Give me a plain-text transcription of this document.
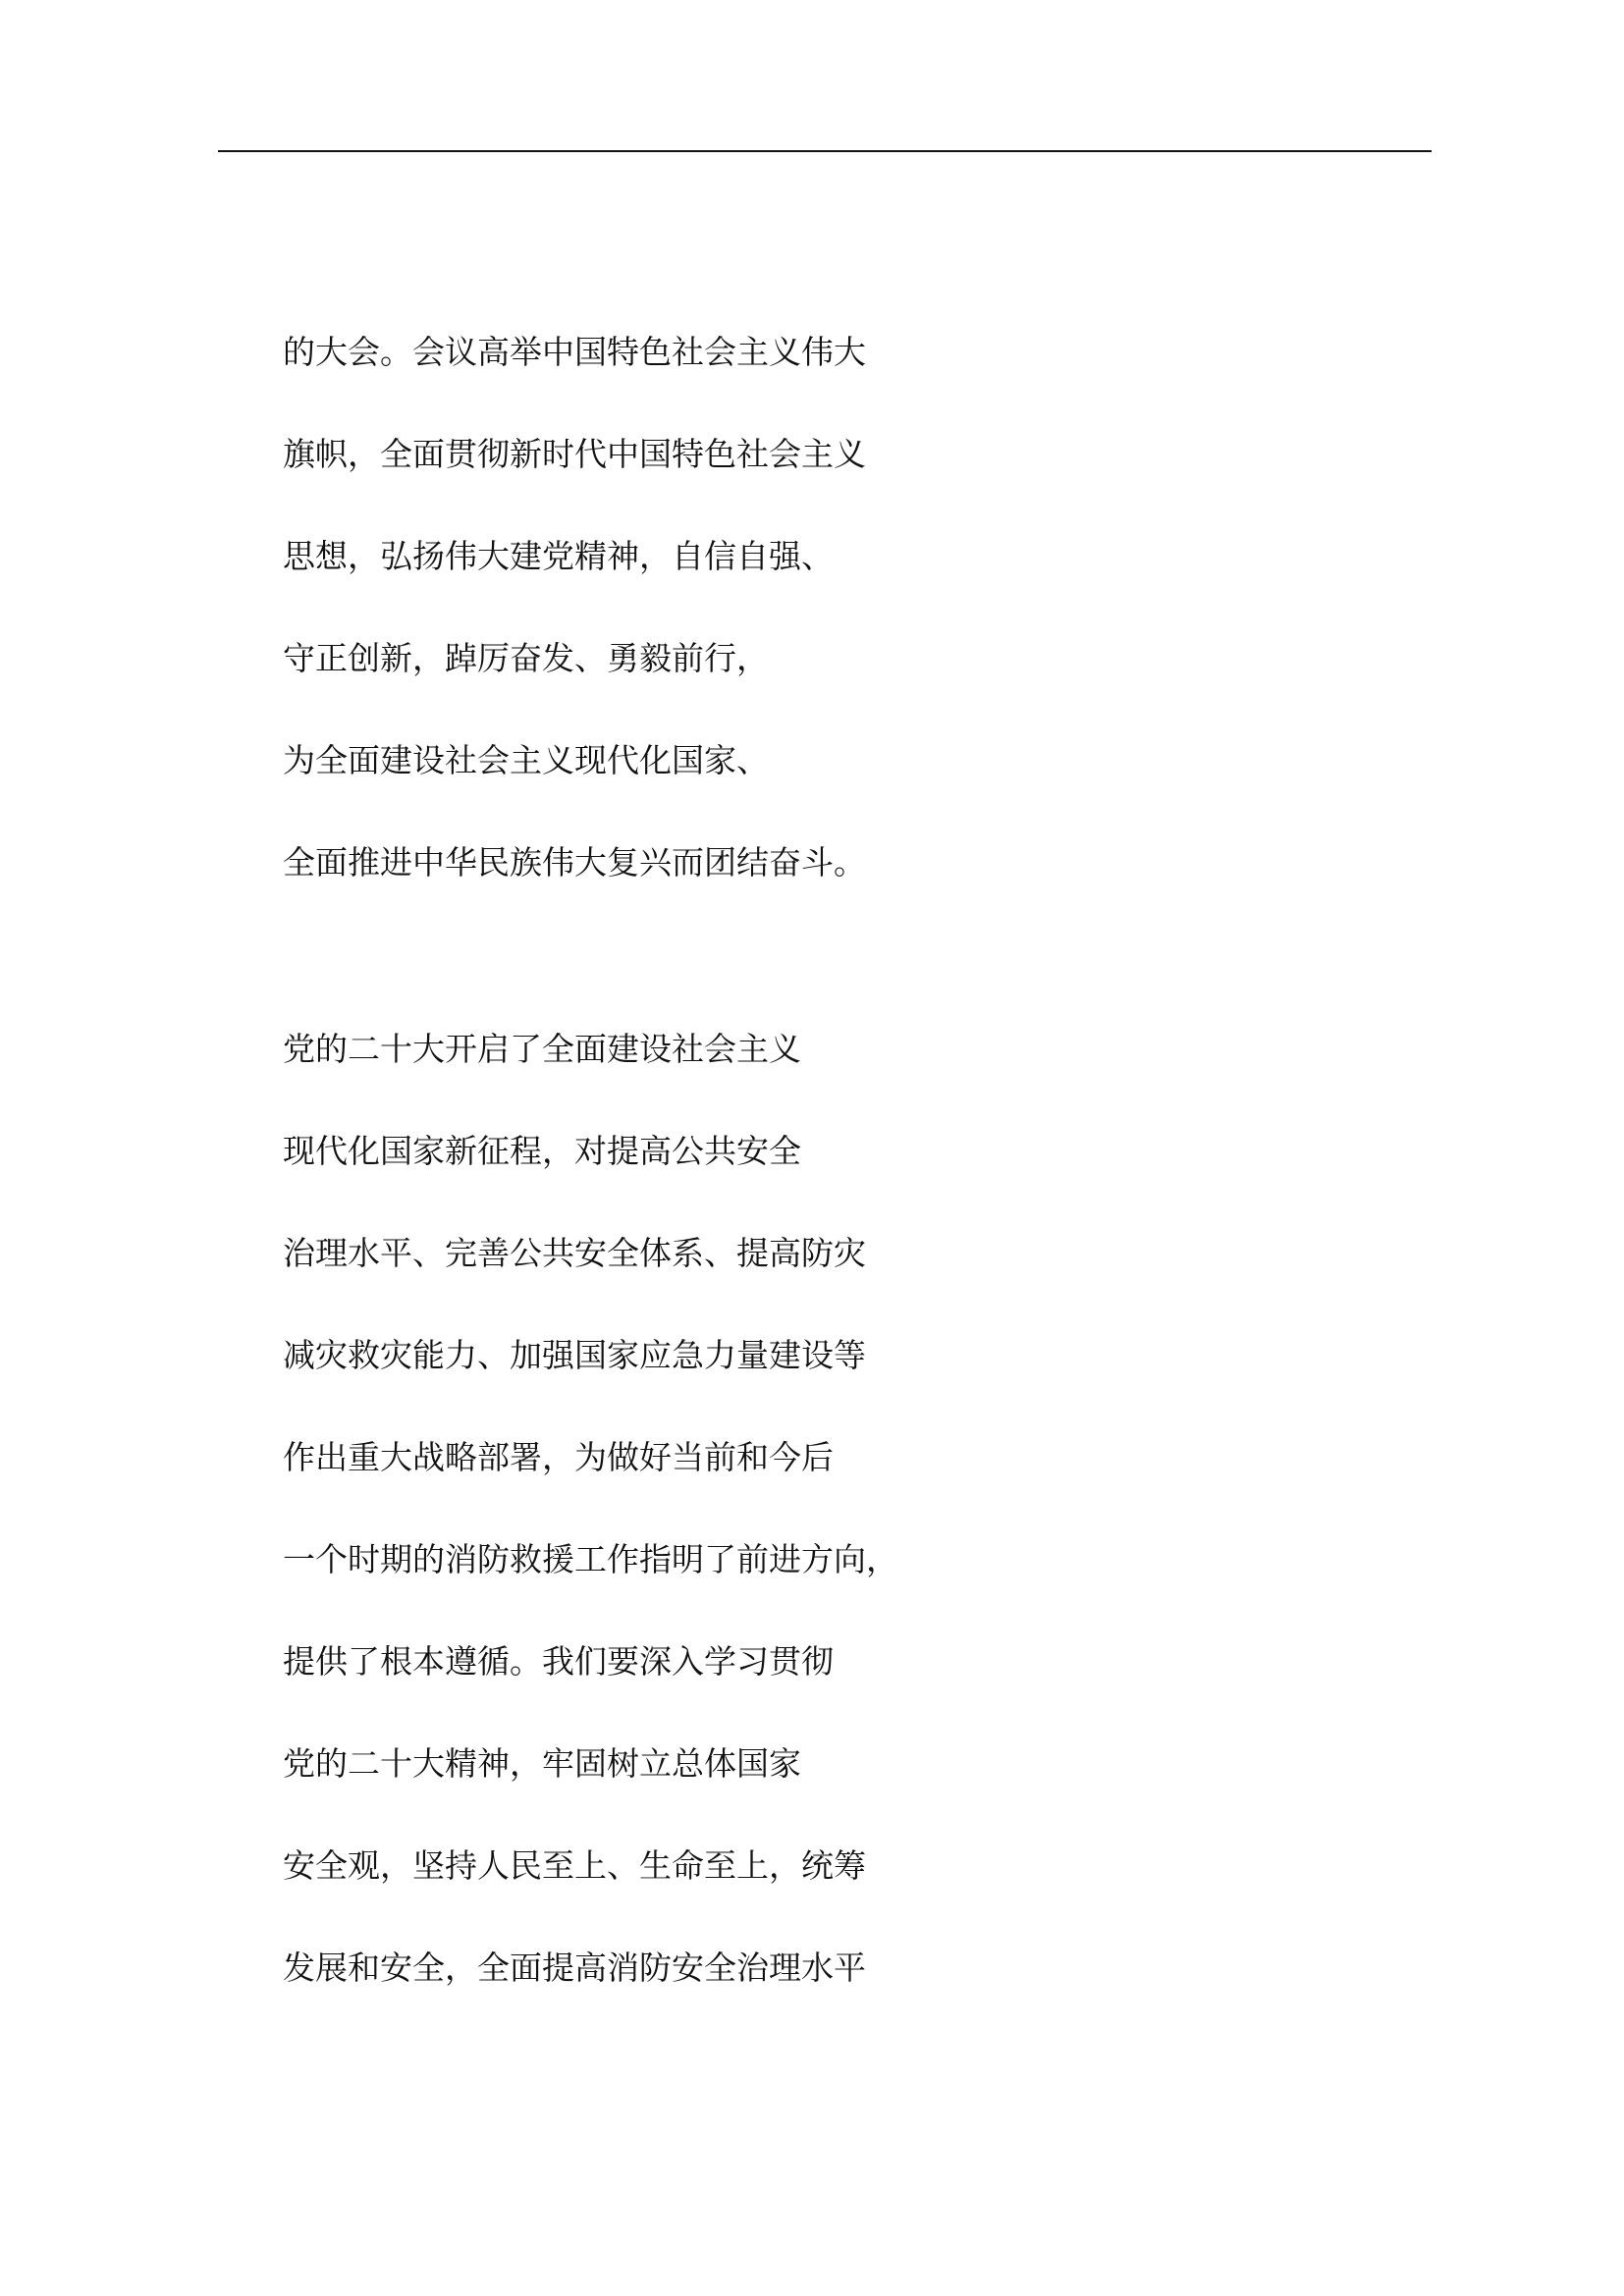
的大会。会议高举中国特色社会主义伟大
旗帜，全面贯彻新时代中国特色社会主义
思想，弘扬伟大建党精神，自信自强、
守正创新，踔厉奋发、勇毅前行，
为全面建设社会主义现代化国家、
全面推进中华民族伟大复兴而团结奋斗。
党的二十大开启了全面建设社会主义
现代化国家新征程，对提高公共安全
治理水平、完善公共安全体系、提高防灾
减灾救灾能力、加强国家应急力量建设等
作出重大战略部署，为做好当前和今后
一个时期的消防救援工作指明了前进方向，
提供了根本遵循。我们要深入学习贯彻
党的二十大精神，牢固树立总体国家
安全观，坚持人民至上、生命至上，统筹
发展和安全，全面提高消防安全治理水平
